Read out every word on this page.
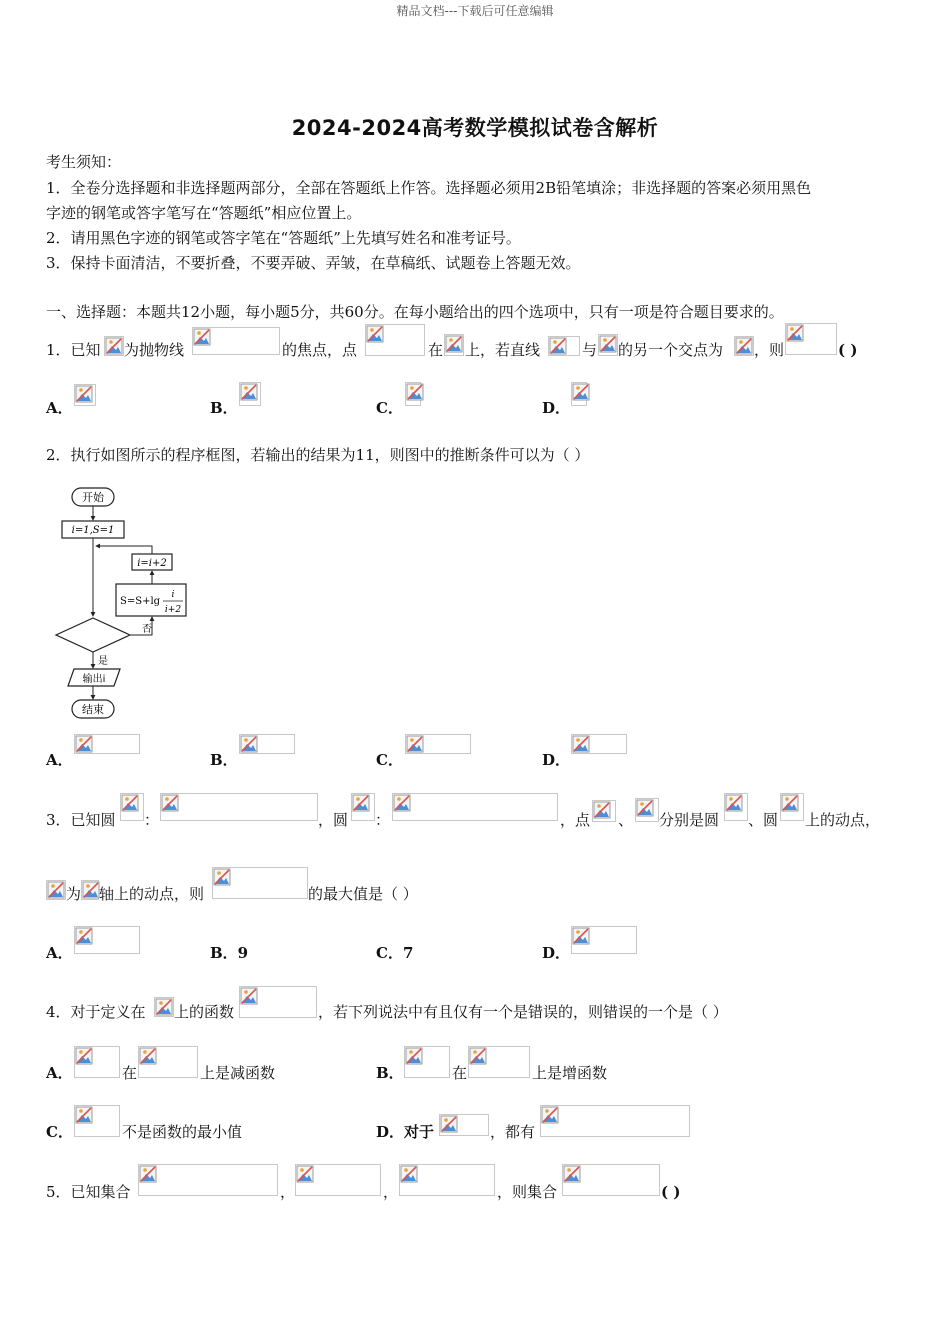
精品文档---下载后可任意编辑
2024-2024高考数学模拟试卷含解析
考生须知：
1．全卷分选择题和非选择题两部分，全部在答题纸上作答。选择题必须用2B铅笔填涂；非选择题的答案必须用黑色
字迹的钢笔或答字笔写在“答题纸”相应位置上。
2．请用黑色字迹的钢笔或答字笔在“答题纸”上先填写姓名和准考证号。
3．保持卡面清洁，不要折叠，不要弄破、弄皱，在草稿纸、试题卷上答题无效。
一、选择题：本题共12小题，每小题5分，共60分。在每小题给出的四个选项中，只有一项是符合题目要求的。
1．已知 为抛物线	的焦点，点	在 上，若直线	与 的另一个交点为 ，则	( )
A．	B．	C．	D．
2．执行如图所示的程序框图，若输出的结果为11，则图中的推断条件可以为（ ）
开始
i=1,S=1
i=i+2
S=S+lg
i
i+2
否
是
输出i
结束
A．	B．	C．	D．
3．已知圆 ：	，圆 ：	，点 、 分别是圆 、圆 上的动点，
为 轴上的动点，则	的最大值是（ ）
A．	B．9	C．7	D．
4．对于定义在 上的函数	，若下列说法中有且仅有一个是错误的，则错误的一个是（ ）
A．	在	上是减函数	B．	在	上是增函数
C．	不是函数的最小值	D．对于	，都有
5．已知集合	，	，	，则集合	( )
